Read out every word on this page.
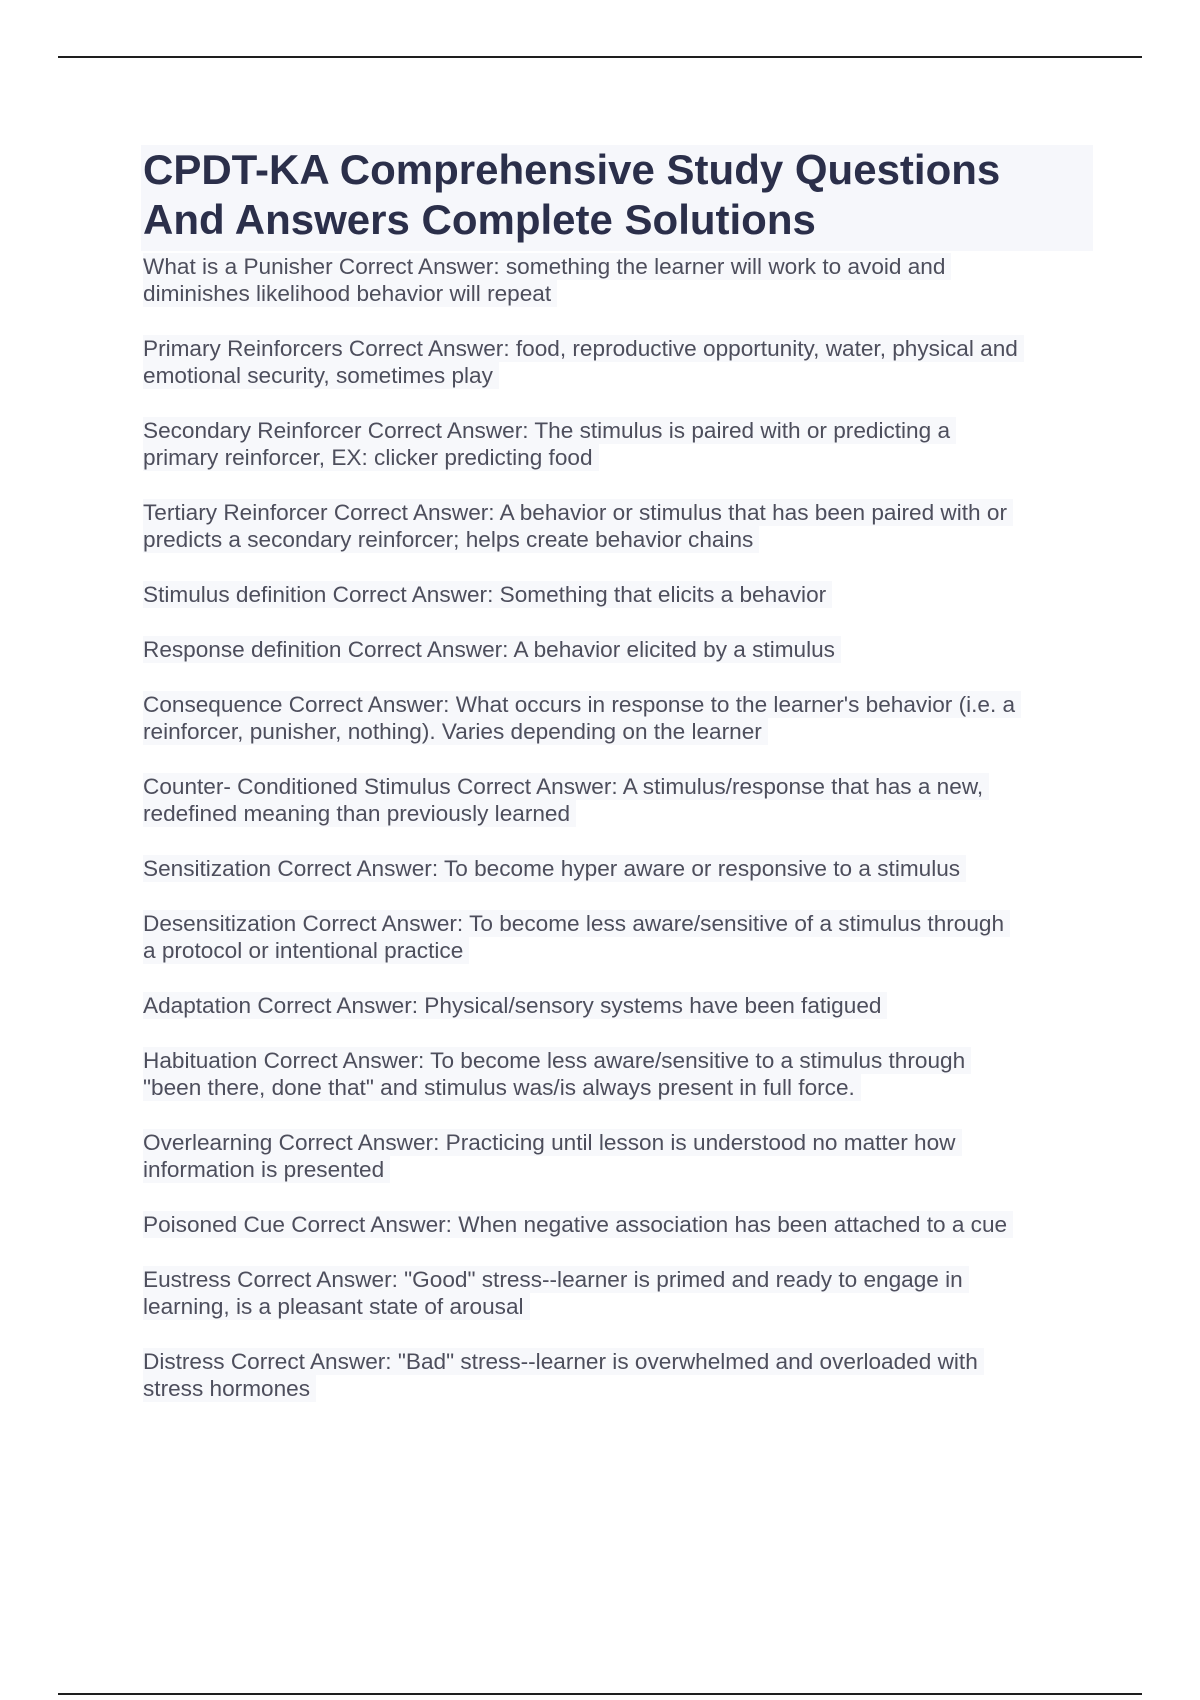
CPDT-KA Comprehensive Study Questions
And Answers Complete Solutions
What is a Punisher Correct Answer: something the learner will work to avoid and
diminishes likelihood behavior will repeat
Primary Reinforcers Correct Answer: food, reproductive opportunity, water, physical and
emotional security, sometimes play
Secondary Reinforcer Correct Answer: The stimulus is paired with or predicting a
primary reinforcer, EX: clicker predicting food
Tertiary Reinforcer Correct Answer: A behavior or stimulus that has been paired with or
predicts a secondary reinforcer; helps create behavior chains
Stimulus definition Correct Answer: Something that elicits a behavior
Response definition Correct Answer: A behavior elicited by a stimulus
Consequence Correct Answer: What occurs in response to the learner's behavior (i.e. a
reinforcer, punisher, nothing). Varies depending on the learner
Counter- Conditioned Stimulus Correct Answer: A stimulus/response that has a new,
redefined meaning than previously learned
Sensitization Correct Answer: To become hyper aware or responsive to a stimulus
Desensitization Correct Answer: To become less aware/sensitive of a stimulus through
a protocol or intentional practice
Adaptation Correct Answer: Physical/sensory systems have been fatigued
Habituation Correct Answer: To become less aware/sensitive to a stimulus through
"been there, done that" and stimulus was/is always present in full force.
Overlearning Correct Answer: Practicing until lesson is understood no matter how
information is presented
Poisoned Cue Correct Answer: When negative association has been attached to a cue
Eustress Correct Answer: "Good" stress--learner is primed and ready to engage in
learning, is a pleasant state of arousal
Distress Correct Answer: "Bad" stress--learner is overwhelmed and overloaded with
stress hormones
